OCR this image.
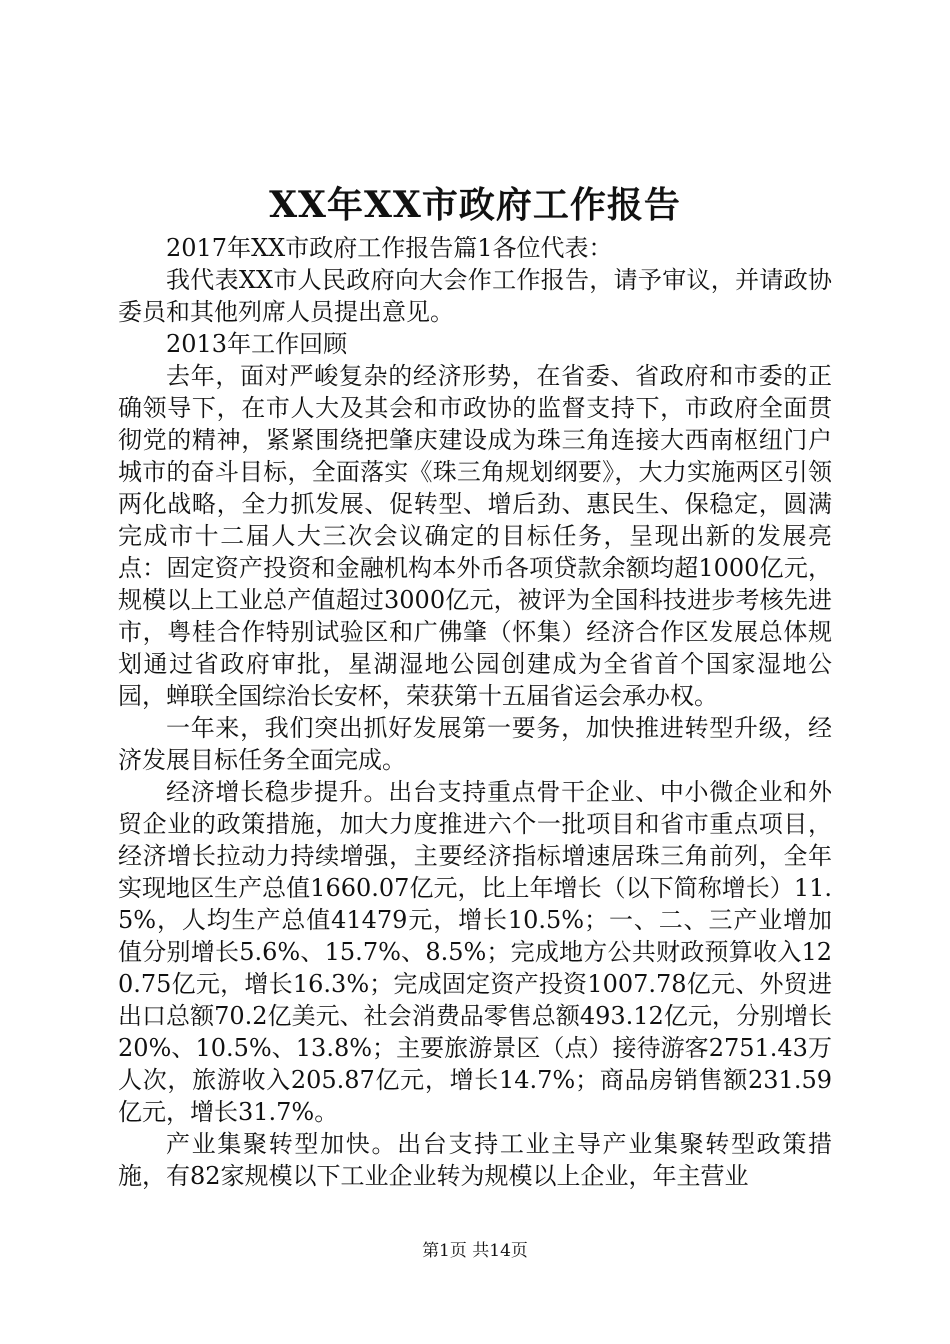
XX年XX市政府工作报告

2017年XX市政府工作报告篇1各位代表：

我代表XX市人民政府向大会作工作报告，请予审议，并请政协委员和其他列席人员提出意见。

2013年工作回顾

去年，面对严峻复杂的经济形势，在省委、省政府和市委的正确领导下，在市人大及其会和市政协的监督支持下，市政府全面贯彻党的精神，紧紧围绕把肇庆建设成为珠三角连接大西南枢纽门户城市的奋斗目标，全面落实《珠三角规划纲要》，大力实施两区引领两化战略，全力抓发展、促转型、增后劲、惠民生、保稳定，圆满完成市十二届人大三次会议确定的目标任务，呈现出新的发展亮点：固定资产投资和金融机构本外币各项贷款余额均超1000亿元，规模以上工业总产值超过3000亿元，被评为全国科技进步考核先进市，粤桂合作特别试验区和广佛肇（怀集）经济合作区发展总体规划通过省政府审批，星湖湿地公园创建成为全省首个国家湿地公园，蝉联全国综治长安杯，荣获第十五届省运会承办权。

一年来，我们突出抓好发展第一要务，加快推进转型升级，经济发展目标任务全面完成。

经济增长稳步提升。出台支持重点骨干企业、中小微企业和外贸企业的政策措施，加大力度推进六个一批项目和省市重点项目，经济增长拉动力持续增强，主要经济指标增速居珠三角前列，全年实现地区生产总值1660.07亿元，比上年增长（以下简称增长）11.5%，人均生产总值41479元，增长10.5%；一、二、三产业增加值分别增长5.6%、15.7%、8.5%；完成地方公共财政预算收入120.75亿元，增长16.3%；完成固定资产投资1007.78亿元、外贸进出口总额70.2亿美元、社会消费品零售总额493.12亿元，分别增长20%、10.5%、13.8%；主要旅游景区（点）接待游客2751.43万人次，旅游收入205.87亿元，增长14.7%；商品房销售额231.59亿元，增长31.7%。

产业集聚转型加快。出台支持工业主导产业集聚转型政策措施，有82家规模以下工业企业转为规模以上企业，年主营业

第1页 共14页
